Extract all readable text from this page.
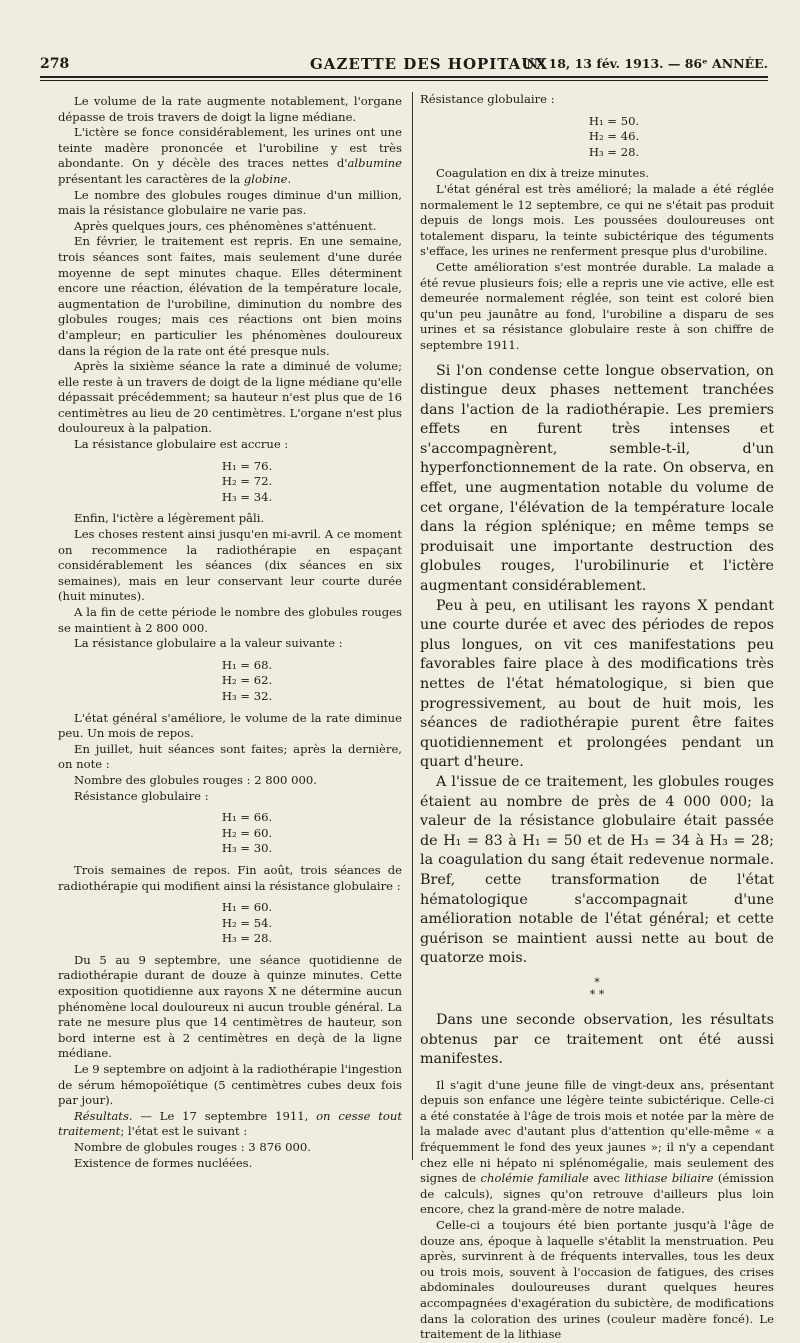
278	GAZETTE DES HOPITAUX
Nº 18, 13 fév. 1913. — 86ᵉ ANNÉE.

Le volume de la rate augmente notablement, l'organe dépasse de trois travers de doigt la ligne médiane.

L'ictère se fonce considérablement, les urines ont une teinte madère prononcée et l'urobiline y est très abondante. On y décèle des traces nettes d'albumine présentant les caractères de la globine.

Le nombre des globules rouges diminue d'un million, mais la résistance globulaire ne varie pas.

Après quelques jours, ces phénomènes s'atténuent.

En février, le traitement est repris. En une semaine, trois séances sont faites, mais seulement d'une durée moyenne de sept minutes chaque. Elles déterminent encore une réaction, élévation de la température locale, augmentation de l'urobiline, diminution du nombre des globules rouges; mais ces réactions ont bien moins d'ampleur; en particulier les phénomènes douloureux dans la région de la rate ont été presque nuls.

Après la sixième séance la rate a diminué de volume; elle reste à un travers de doigt de la ligne médiane qu'elle dépassait précédemment; sa hauteur n'est plus que de 16 centimètres au lieu de 20 centimètres. L'organe n'est plus douloureux à la palpation.

La résistance globulaire est accrue :

H₁ = 76.
H₂ = 72.
H₃ = 34.

Enfin, l'ictère a légèrement pâli.

Les choses restent ainsi jusqu'en mi-avril. A ce moment on recommence la radiothérapie en espaçant considérablement les séances (dix séances en six semaines), mais en leur conservant leur courte durée (huit minutes).

A la fin de cette période le nombre des globules rouges se maintient à 2 800 000.

La résistance globulaire a la valeur suivante :

H₁ = 68.
H₂ = 62.
H₃ = 32.

L'état général s'améliore, le volume de la rate diminue peu. Un mois de repos.

En juillet, huit séances sont faites; après la dernière, on note :

Nombre des globules rouges : 2 800 000.

Résistance globulaire :

H₁ = 66.
H₂ = 60.
H₃ = 30.

Trois semaines de repos. Fin août, trois séances de radiothérapie qui modifient ainsi la résistance globulaire :

H₁ = 60.
H₂ = 54.
H₃ = 28.

Du 5 au 9 septembre, une séance quotidienne de radiothérapie durant de douze à quinze minutes. Cette exposition quotidienne aux rayons X ne détermine aucun phénomène local douloureux ni aucun trouble général. La rate ne mesure plus que 14 centimètres de hauteur, son bord interne est à 2 centimètres en deçà de la ligne médiane.

Le 9 septembre on adjoint à la radiothérapie l'ingestion de sérum hémopoïétique (5 centimètres cubes deux fois par jour).

Résultats. — Le 17 septembre 1911, on cesse tout traitement; l'état est le suivant :

Nombre de globules rouges : 3 876 000.

Existence de formes nucléées.

Résistance globulaire :

H₁ = 50.
H₂ = 46.
H₃ = 28.

Coagulation en dix à treize minutes.

L'état général est très amélioré; la malade a été réglée normalement le 12 septembre, ce qui ne s'était pas produit depuis de longs mois. Les poussées douloureuses ont totalement disparu, la teinte subictérique des téguments s'efface, les urines ne renferment presque plus d'urobiline.

Cette amélioration s'est montrée durable. La malade a été revue plusieurs fois; elle a repris une vie active, elle est demeurée normalement réglée, son teint est coloré bien qu'un peu jaunâtre au fond, l'urobiline a disparu de ses urines et sa résistance globulaire reste à son chiffre de septembre 1911.

Si l'on condense cette longue observation, on distingue deux phases nettement tranchées dans l'action de la radiothérapie. Les premiers effets en furent très intenses et s'accompagnèrent, semble-t-il, d'un hyperfonctionnement de la rate. On observa, en effet, une augmentation notable du volume de cet organe, l'élévation de la température locale dans la région splénique; en même temps se produisait une importante destruction des globules rouges, l'urobilinurie et l'ictère augmentant considérablement.

Peu à peu, en utilisant les rayons X pendant une courte durée et avec des périodes de repos plus longues, on vit ces manifestations peu favorables faire place à des modifications très nettes de l'état hématologique, si bien que progressivement, au bout de huit mois, les séances de radiothérapie purent être faites quotidiennement et prolongées pendant un quart d'heure.

A l'issue de ce traitement, les globules rouges étaient au nombre de près de 4 000 000; la valeur de la résistance globulaire était passée de H₁ = 83 à H₁ = 50 et de H₃ = 34 à H₃ = 28; la coagulation du sang était redevenue normale. Bref, cette transformation de l'état hématologique s'accompagnait d'une amélioration notable de l'état général; et cette guérison se maintient aussi nette au bout de quatorze mois.

*
* *

Dans une seconde observation, les résultats obtenus par ce traitement ont été aussi manifestes.

Il s'agit d'une jeune fille de vingt-deux ans, présentant depuis son enfance une légère teinte subictérique. Celle-ci a été constatée à l'âge de trois mois et notée par la mère de la malade avec d'autant plus d'attention qu'elle-même « a fréquemment le fond des yeux jaunes »; il n'y a cependant chez elle ni hépato ni splénomégalie, mais seulement des signes de cholémie familiale avec lithiase biliaire (émission de calculs), signes qu'on retrouve d'ailleurs plus loin encore, chez la grand-mère de notre malade.

Celle-ci a toujours été bien portante jusqu'à l'âge de douze ans, époque à laquelle s'établit la menstruation. Peu après, survinrent à de fréquents intervalles, tous les deux ou trois mois, souvent à l'occasion de fatigues, des crises abdominales douloureuses durant quelques heures accompagnées d'exagération du subictère, de modifications dans la coloration des urines (couleur madère foncé). Le traitement de la lithiase
